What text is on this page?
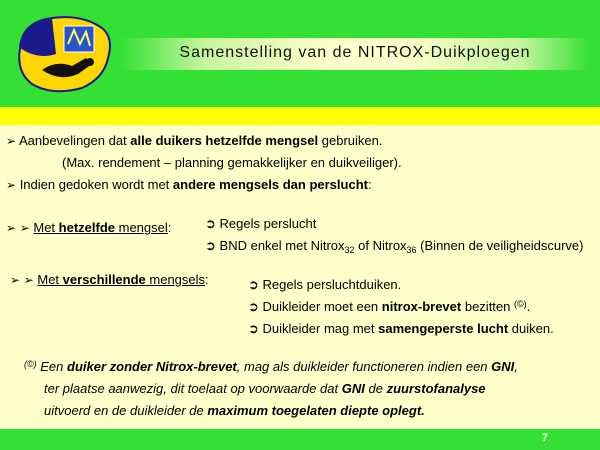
Samenstelling van de NITROX-Duikploegen
➢ Aanbevelingen dat alle duikers hetzelfde mengsel gebruiken.
(Max. rendement – planning gemakkelijker en duikveiliger).
➢ Indien gedoken wordt met andere mengsels dan perslucht:
➢ ➢ Met hetzelfde mengsel:	➲ Regels perslucht
➲ BND enkel met Nitrox$_{32}$ of Nitrox$_{36}$ (Binnen de veiligheidscurve)
➢ ➢ Met verschillende mengsels:	➲ Regels persluchtduiken.
➲ Duikleider moet een nitrox-brevet bezitten (©).
➲ Duikleider mag met samengeperste lucht duiken.
(©) Een duiker zonder Nitrox-brevet, mag als duikleider functioneren indien een GNI,
ter plaatse aanwezig, dit toelaat op voorwaarde dat GNI de zuurstofanalyse
uitvoerd en de duikleider de maximum toegelaten diepte oplegt.
7
